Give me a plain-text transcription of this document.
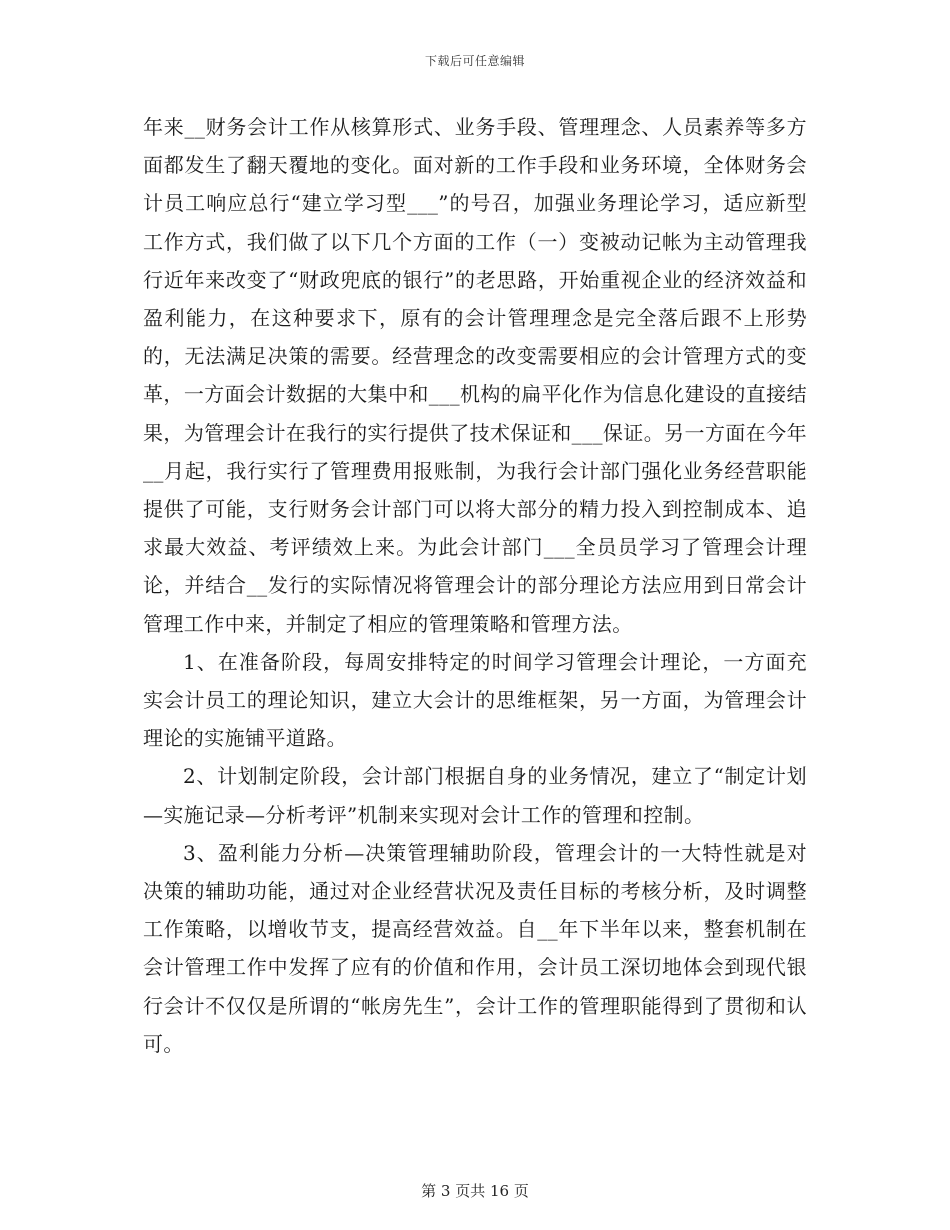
下载后可任意编辑

年来__财务会计工作从核算形式、业务手段、管理理念、人员素养等多方面都发生了翻天覆地的变化。面对新的工作手段和业务环境，全体财务会计员工响应总行“建立学习型___”的号召，加强业务理论学习，适应新型工作方式，我们做了以下几个方面的工作（一）变被动记帐为主动管理我行近年来改变了“财政兜底的银行”的老思路，开始重视企业的经济效益和盈利能力，在这种要求下，原有的会计管理理念是完全落后跟不上形势的，无法满足决策的需要。经营理念的改变需要相应的会计管理方式的变革，一方面会计数据的大集中和___机构的扁平化作为信息化建设的直接结果，为管理会计在我行的实行提供了技术保证和___保证。另一方面在今年__月起，我行实行了管理费用报账制，为我行会计部门强化业务经营职能提供了可能，支行财务会计部门可以将大部分的精力投入到控制成本、追求最大效益、考评绩效上来。为此会计部门___全员员学习了管理会计理论，并结合__发行的实际情况将管理会计的部分理论方法应用到日常会计管理工作中来，并制定了相应的管理策略和管理方法。

1、在准备阶段，每周安排特定的时间学习管理会计理论，一方面充实会计员工的理论知识，建立大会计的思维框架，另一方面，为管理会计理论的实施铺平道路。

2、计划制定阶段，会计部门根据自身的业务情况，建立了“制定计划—实施记录—分析考评”机制来实现对会计工作的管理和控制。

3、盈利能力分析—决策管理辅助阶段，管理会计的一大特性就是对决策的辅助功能，通过对企业经营状况及责任目标的考核分析，及时调整工作策略，以增收节支，提高经营效益。自__年下半年以来，整套机制在会计管理工作中发挥了应有的价值和作用，会计员工深切地体会到现代银行会计不仅仅是所谓的“帐房先生”，会计工作的管理职能得到了贯彻和认可。

第 3 页共 16 页
